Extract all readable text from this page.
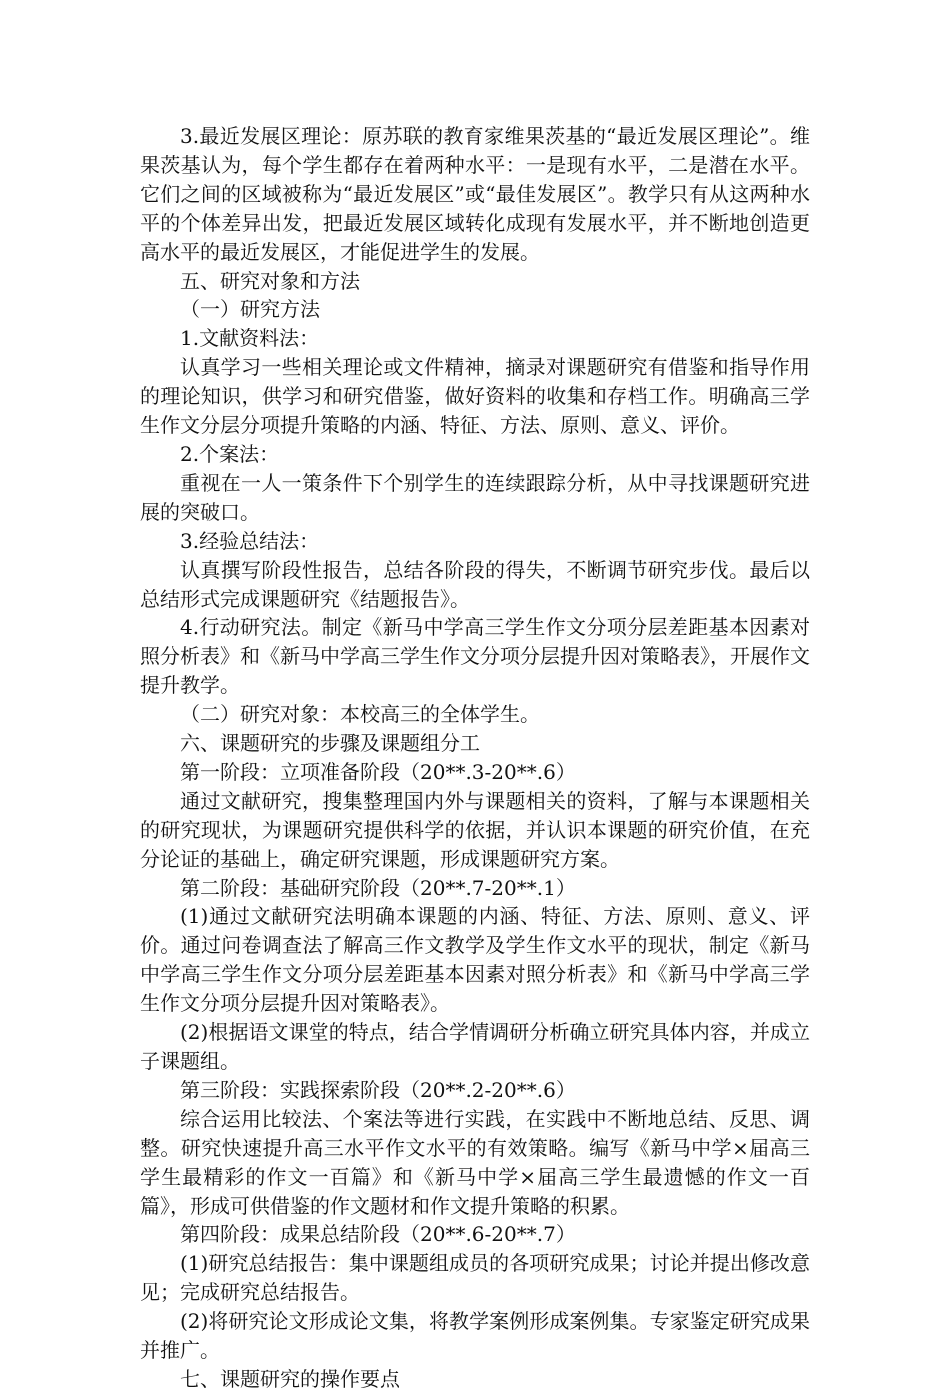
3.最近发展区理论：原苏联的教育家维果茨基的“最近发展区理论”。维果茨基认为，每个学生都存在着两种水平：一是现有水平，二是潜在水平。它们之间的区域被称为“最近发展区”或“最佳发展区”。教学只有从这两种水平的个体差异出发，把最近发展区域转化成现有发展水平，并不断地创造更高水平的最近发展区，才能促进学生的发展。

五、研究对象和方法

（一）研究方法

1.文献资料法：

认真学习一些相关理论或文件精神，摘录对课题研究有借鉴和指导作用的理论知识，供学习和研究借鉴，做好资料的收集和存档工作。明确高三学生作文分层分项提升策略的内涵、特征、方法、原则、意义、评价。

2.个案法：

重视在一人一策条件下个别学生的连续跟踪分析，从中寻找课题研究进展的突破口。

3.经验总结法：

认真撰写阶段性报告，总结各阶段的得失，不断调节研究步伐。最后以总结形式完成课题研究《结题报告》。

4.行动研究法。制定《新马中学高三学生作文分项分层差距基本因素对照分析表》和《新马中学高三学生作文分项分层提升因对策略表》，开展作文提升教学。

（二）研究对象：本校高三的全体学生。

六、课题研究的步骤及课题组分工

第一阶段：立项准备阶段（20**.3-20**.6）

通过文献研究，搜集整理国内外与课题相关的资料，了解与本课题相关的研究现状，为课题研究提供科学的依据，并认识本课题的研究价值，在充分论证的基础上，确定研究课题，形成课题研究方案。

第二阶段：基础研究阶段（20**.7-20**.1）

(1)通过文献研究法明确本课题的内涵、特征、方法、原则、意义、评价。通过问卷调查法了解高三作文教学及学生作文水平的现状，制定《新马中学高三学生作文分项分层差距基本因素对照分析表》和《新马中学高三学生作文分项分层提升因对策略表》。

(2)根据语文课堂的特点，结合学情调研分析确立研究具体内容，并成立子课题组。

第三阶段：实践探索阶段（20**.2-20**.6）

综合运用比较法、个案法等进行实践，在实践中不断地总结、反思、调整。研究快速提升高三水平作文水平的有效策略。编写《新马中学×届高三学生最精彩的作文一百篇》和《新马中学×届高三学生最遗憾的作文一百篇》，形成可供借鉴的作文题材和作文提升策略的积累。

第四阶段：成果总结阶段（20**.6-20**.7）

(1)研究总结报告：集中课题组成员的各项研究成果；讨论并提出修改意见；完成研究总结报告。

(2)将研究论文形成论文集，将教学案例形成案例集。专家鉴定研究成果并推广。

七、课题研究的操作要点
